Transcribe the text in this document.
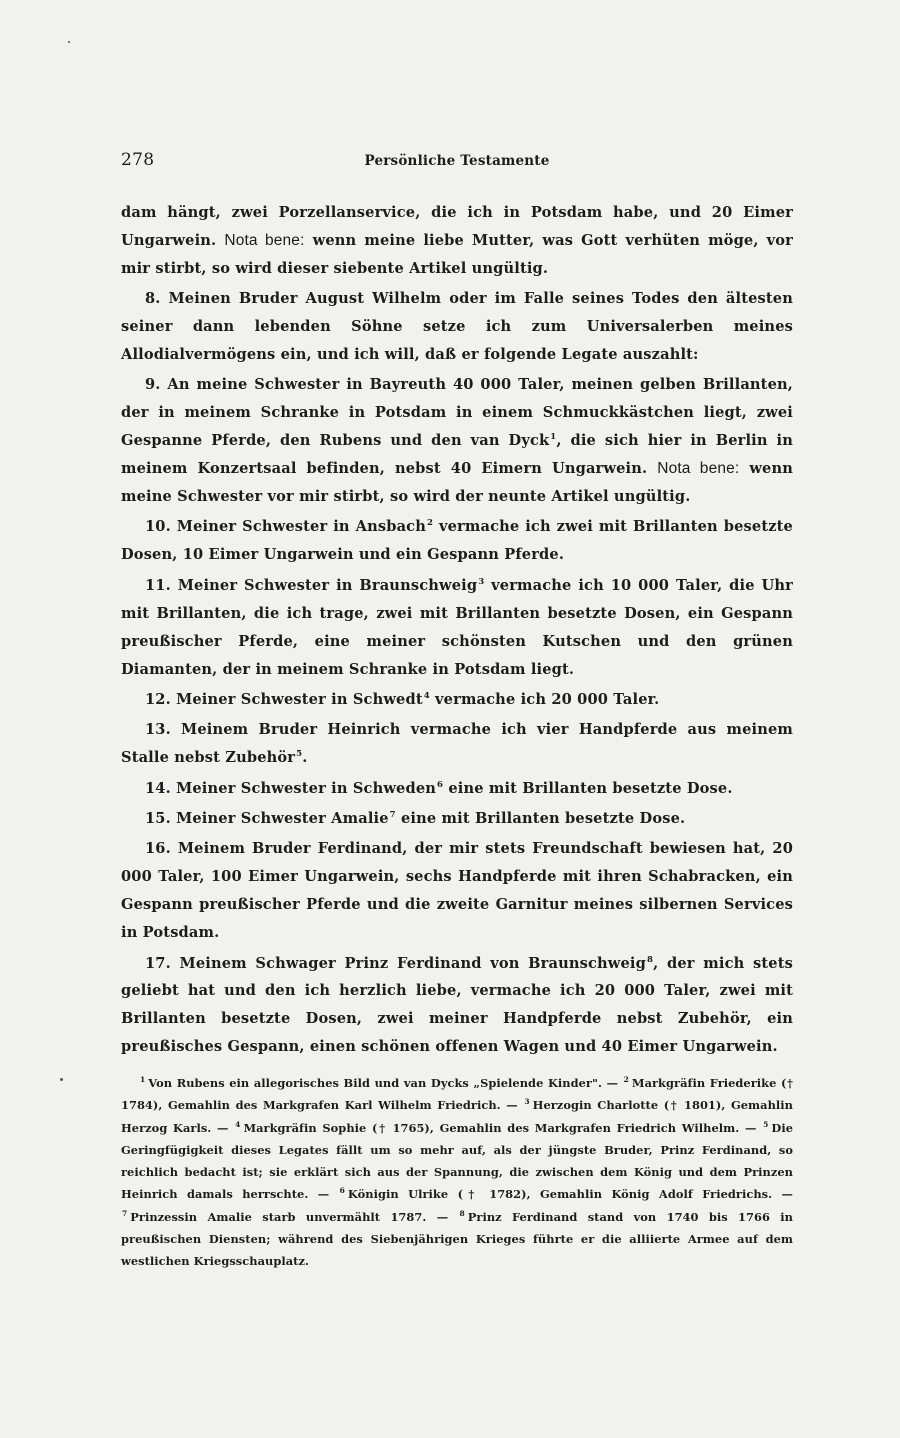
278	Persönliche Testamente

dam hängt, zwei Porzellanservice, die ich in Potsdam habe, und 20 Eimer Ungarwein. Nota bene: wenn meine liebe Mutter, was Gott verhüten möge, vor mir stirbt, so wird dieser siebente Artikel ungültig.

8. Meinen Bruder August Wilhelm oder im Falle seines Todes den ältesten seiner dann lebenden Söhne setze ich zum Universalerben meines Allodialvermögens ein, und ich will, daß er folgende Legate auszahlt:

9. An meine Schwester in Bayreuth 40 000 Taler, meinen gelben Brillanten, der in meinem Schranke in Potsdam in einem Schmuckkästchen liegt, zwei Gespanne Pferde, den Rubens und den van Dyck$^1$, die sich hier in Berlin in meinem Konzertsaal befinden, nebst 40 Eimern Ungarwein. Nota bene: wenn meine Schwester vor mir stirbt, so wird der neunte Artikel ungültig.

10. Meiner Schwester in Ansbach$^2$ vermache ich zwei mit Brillanten besetzte Dosen, 10 Eimer Ungarwein und ein Gespann Pferde.

11. Meiner Schwester in Braunschweig$^3$ vermache ich 10 000 Taler, die Uhr mit Brillanten, die ich trage, zwei mit Brillanten besetzte Dosen, ein Gespann preußischer Pferde, eine meiner schönsten Kutschen und den grünen Diamanten, der in meinem Schranke in Potsdam liegt.

12. Meiner Schwester in Schwedt$^4$ vermache ich 20 000 Taler.

13. Meinem Bruder Heinrich vermache ich vier Handpferde aus meinem Stalle nebst Zubehör$^5$.

14. Meiner Schwester in Schweden$^6$ eine mit Brillanten besetzte Dose.

15. Meiner Schwester Amalie$^7$ eine mit Brillanten besetzte Dose.

16. Meinem Bruder Ferdinand, der mir stets Freundschaft bewiesen hat, 20 000 Taler, 100 Eimer Ungarwein, sechs Handpferde mit ihren Schabracken, ein Gespann preußischer Pferde und die zweite Garnitur meines silbernen Services in Potsdam.

17. Meinem Schwager Prinz Ferdinand von Braunschweig$^8$, der mich stets geliebt hat und den ich herzlich liebe, vermache ich 20 000 Taler, zwei mit Brillanten besetzte Dosen, zwei meiner Handpferde nebst Zubehör, ein preußisches Gespann, einen schönen offenen Wagen und 40 Eimer Ungarwein.

$^1$ Von Rubens ein allegorisches Bild und van Dycks „Spielende Kinder". — $^2$ Markgräfin Friederike († 1784), Gemahlin des Markgrafen Karl Wilhelm Friedrich. — $^3$ Herzogin Charlotte († 1801), Gemahlin Herzog Karls. — $^4$ Markgräfin Sophie († 1765), Gemahlin des Markgrafen Friedrich Wilhelm. — $^5$ Die Geringfügigkeit dieses Legates fällt um so mehr auf, als der jüngste Bruder, Prinz Ferdinand, so reichlich bedacht ist; sie erklärt sich aus der Spannung, die zwischen dem König und dem Prinzen Heinrich damals herrschte. — $^6$ Königin Ulrike († 1782), Gemahlin König Adolf Friedrichs. — $^7$ Prinzessin Amalie starb unvermählt 1787. — $^8$ Prinz Ferdinand stand von 1740 bis 1766 in preußischen Diensten; während des Siebenjährigen Krieges führte er die alliierte Armee auf dem westlichen Kriegsschauplatz.
